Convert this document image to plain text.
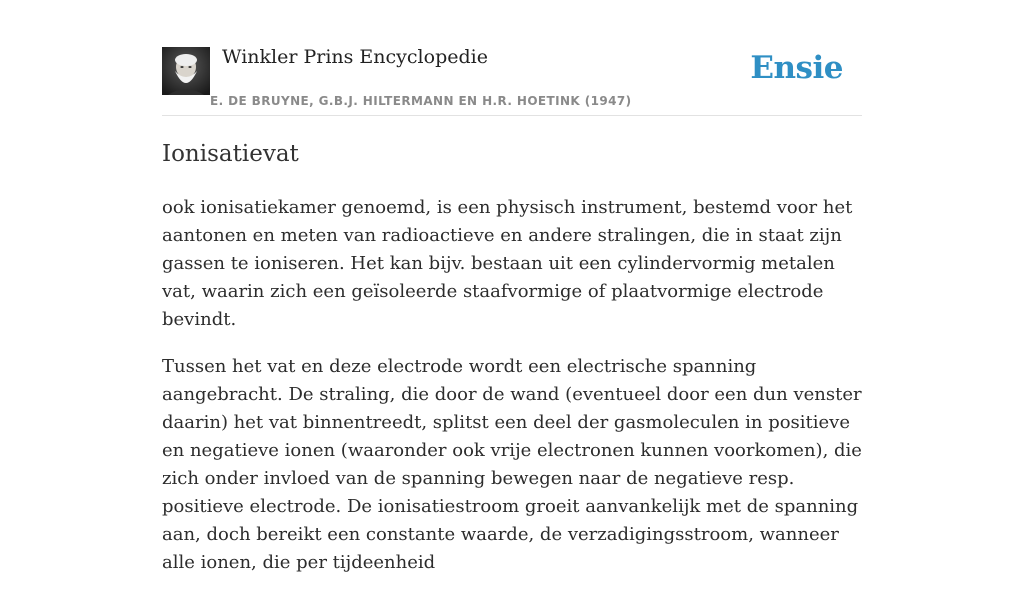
Winkler Prins Encyclopedie
E. DE BRUYNE, G.B.J. HILTERMANN EN H.R. HOETINK (1947)
Ensie
Ionisatievat

ook ionisatiekamer genoemd, is een physisch instrument, bestemd voor het aantonen en meten van radioactieve en andere stralingen, die in staat zijn gassen te ioniseren. Het kan bijv. bestaan uit een cylindervormig metalen vat, waarin zich een geïsoleerde staafvormige of plaatvormige electrode bevindt.

Tussen het vat en deze electrode wordt een electrische spanning aangebracht. De straling, die door de wand (eventueel door een dun venster daarin) het vat binnentreedt, splitst een deel der gasmoleculen in positieve en negatieve ionen (waaronder ook vrije electronen kunnen voorkomen), die zich onder invloed van de spanning bewegen naar de negatieve resp. positieve electrode. De ionisatiestroom groeit aanvankelijk met de spanning aan, doch bereikt een constante waarde, de verzadigingsstroom, wanneer alle ionen, die per tijdeenheid
